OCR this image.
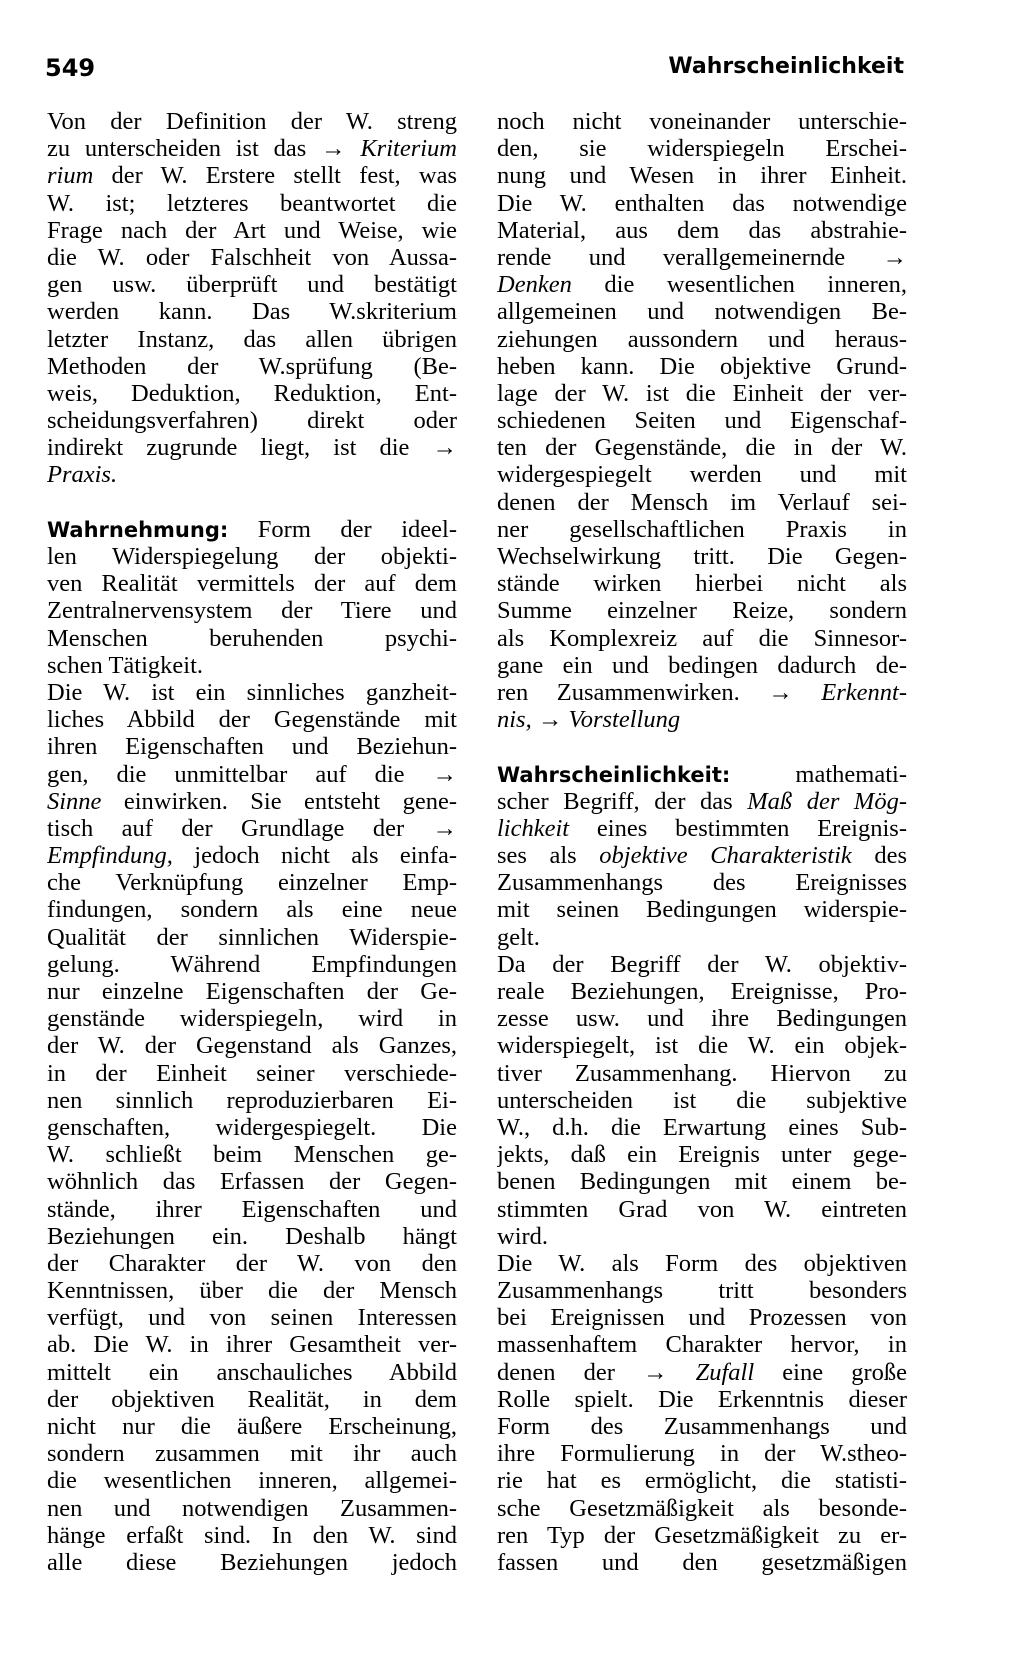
549	Wahrscheinlichkeit
Von der Definition der W. streng
zu unterscheiden ist das → Kriterium
rium der W. Erstere stellt fest, was
W. ist; letzteres beantwortet die
Frage nach der Art und Weise, wie
die W. oder Falschheit von Aussa-
gen usw. überprüft und bestätigt
werden kann. Das W.skriterium
letzter Instanz, das allen übrigen
Methoden der W.sprüfung (Be-
weis, Deduktion, Reduktion, Ent-
scheidungsverfahren) direkt oder
indirekt zugrunde liegt, ist die →
Praxis.
Wahrnehmung: Form der ideel-
len Widerspiegelung der objekti-
ven Realität vermittels der auf dem
Zentralnervensystem der Tiere und
Menschen beruhenden psychi-
schen Tätigkeit.
Die W. ist ein sinnliches ganzheit-
liches Abbild der Gegenstände mit
ihren Eigenschaften und Beziehun-
gen, die unmittelbar auf die →
Sinne einwirken. Sie entsteht gene-
tisch auf der Grundlage der →
Empfindung, jedoch nicht als einfa-
che Verknüpfung einzelner Emp-
findungen, sondern als eine neue
Qualität der sinnlichen Widerspie-
gelung. Während Empfindungen
nur einzelne Eigenschaften der Ge-
genstände widerspiegeln, wird in
der W. der Gegenstand als Ganzes,
in der Einheit seiner verschiede-
nen sinnlich reproduzierbaren Ei-
genschaften, widergespiegelt. Die
W. schließt beim Menschen ge-
wöhnlich das Erfassen der Gegen-
stände, ihrer Eigenschaften und
Beziehungen ein. Deshalb hängt
der Charakter der W. von den
Kenntnissen, über die der Mensch
verfügt, und von seinen Interessen
ab. Die W. in ihrer Gesamtheit ver-
mittelt ein anschauliches Abbild
der objektiven Realität, in dem
nicht nur die äußere Erscheinung,
sondern zusammen mit ihr auch
die wesentlichen inneren, allgemei-
nen und notwendigen Zusammen-
hänge erfaßt sind. In den W. sind
alle diese Beziehungen jedoch
noch nicht voneinander unterschie-
den, sie widerspiegeln Erschei-
nung und Wesen in ihrer Einheit.
Die W. enthalten das notwendige
Material, aus dem das abstrahie-
rende und verallgemeinernde →
Denken die wesentlichen inneren,
allgemeinen und notwendigen Be-
ziehungen aussondern und heraus-
heben kann. Die objektive Grund-
lage der W. ist die Einheit der ver-
schiedenen Seiten und Eigenschaf-
ten der Gegenstände, die in der W.
widergespiegelt werden und mit
denen der Mensch im Verlauf sei-
ner gesellschaftlichen Praxis in
Wechselwirkung tritt. Die Gegen-
stände wirken hierbei nicht als
Summe einzelner Reize, sondern
als Komplexreiz auf die Sinnesor-
gane ein und bedingen dadurch de-
ren Zusammenwirken. → Erkennt-
nis, → Vorstellung
Wahrscheinlichkeit: mathemati-
scher Begriff, der das Maß der Mög-
lichkeit eines bestimmten Ereignis-
ses als objektive Charakteristik des
Zusammenhangs des Ereignisses
mit seinen Bedingungen widerspie-
gelt.
Da der Begriff der W. objektiv-
reale Beziehungen, Ereignisse, Pro-
zesse usw. und ihre Bedingungen
widerspiegelt, ist die W. ein objek-
tiver Zusammenhang. Hiervon zu
unterscheiden ist die subjektive
W., d.h. die Erwartung eines Sub-
jekts, daß ein Ereignis unter gege-
benen Bedingungen mit einem be-
stimmten Grad von W. eintreten
wird.
Die W. als Form des objektiven
Zusammenhangs tritt besonders
bei Ereignissen und Prozessen von
massenhaftem Charakter hervor, in
denen der → Zufall eine große
Rolle spielt. Die Erkenntnis dieser
Form des Zusammenhangs und
ihre Formulierung in der W.stheo-
rie hat es ermöglicht, die statisti-
sche Gesetzmäßigkeit als besonde-
ren Typ der Gesetzmäßigkeit zu er-
fassen und den gesetzmäßigen
